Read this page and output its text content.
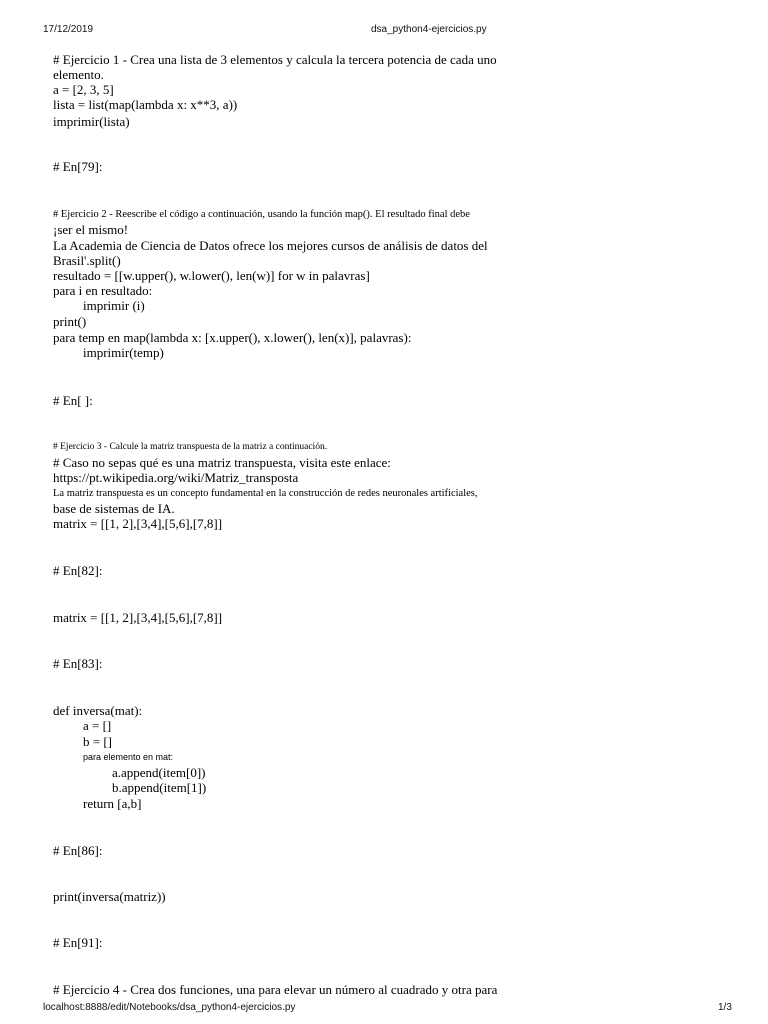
17/12/2019	dsa_python4-ejercicios.py
# Ejercicio 1 - Crea una lista de 3 elementos y calcula la tercera potencia de cada uno
elemento.
a = [2, 3, 5]
lista = list(map(lambda x: x**3, a))
imprimir(lista)
# En[79]:
# Ejercicio 2 - Reescribe el código a continuación, usando la función map(). El resultado final debe
¡ser el mismo!
La Academia de Ciencia de Datos ofrece los mejores cursos de análisis de datos del
Brasil'.split()
resultado = [[w.upper(), w.lower(), len(w)] for w in palavras]
para i en resultado:
imprimir (i)
print()
para temp en map(lambda x: [x.upper(), x.lower(), len(x)], palavras):
imprimir(temp)
# En[ ]:
# Ejercicio 3 - Calcule la matriz transpuesta de la matriz a continuación.
# Caso no sepas qué es una matriz transpuesta, visita este enlace:
https://pt.wikipedia.org/wiki/Matriz_transposta
La matriz transpuesta es un concepto fundamental en la construcción de redes neuronales artificiales,
base de sistemas de IA.
matrix = [[1, 2],[3,4],[5,6],[7,8]]
# En[82]:
matrix = [[1, 2],[3,4],[5,6],[7,8]]
# En[83]:
def inversa(mat):
a = []
b = []
para elemento en mat:
a.append(item[0])
b.append(item[1])
return [a,b]
# En[86]:
print(inversa(matriz))
# En[91]:
# Ejercicio 4 - Crea dos funciones, una para elevar un número al cuadrado y otra para
localhost:8888/edit/Notebooks/dsa_python4-ejercicios.py	1/3
